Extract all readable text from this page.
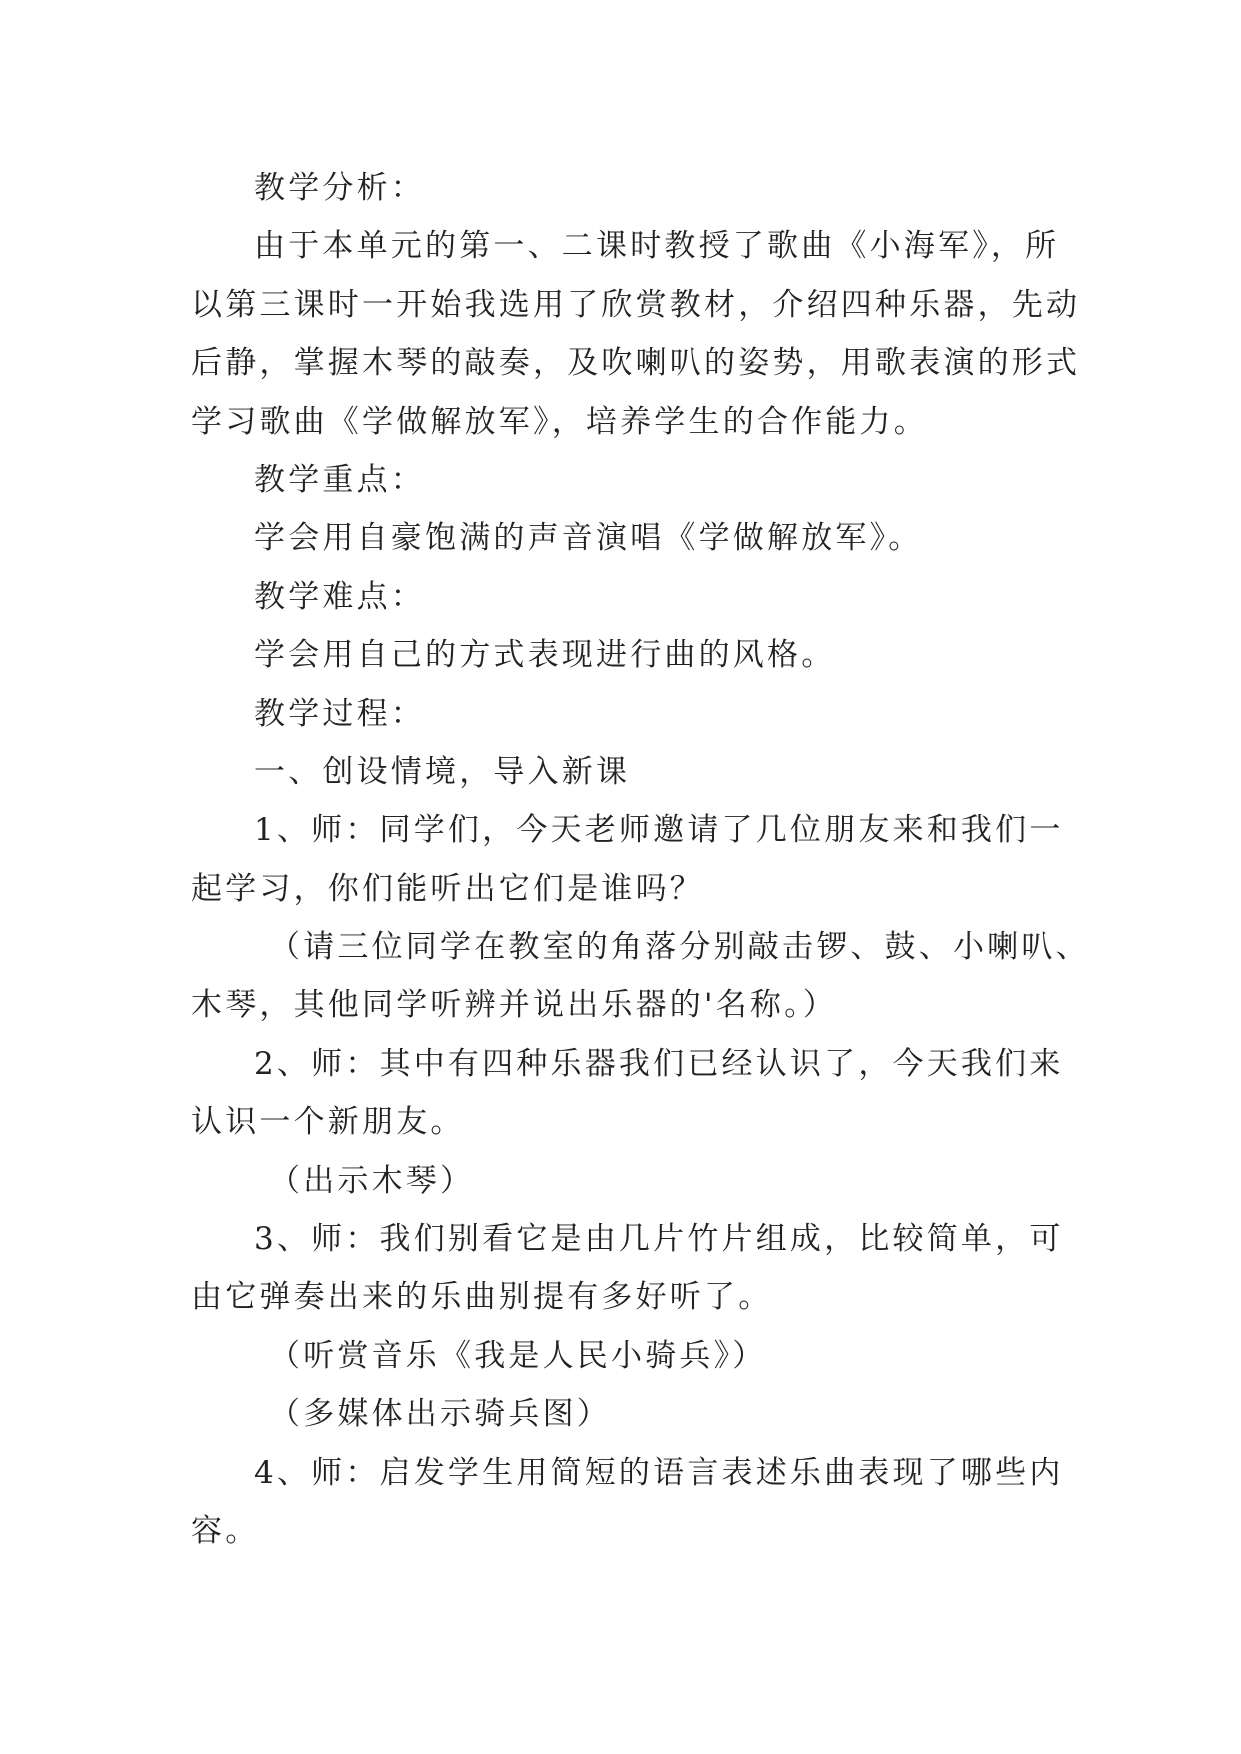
教学分析：
由于本单元的第一、二课时教授了歌曲《小海军》，所
以第三课时一开始我选用了欣赏教材，介绍四种乐器，先动
后静，掌握木琴的敲奏，及吹喇叭的姿势，用歌表演的形式
学习歌曲《学做解放军》，培养学生的合作能力。
教学重点：
学会用自豪饱满的声音演唱《学做解放军》。
教学难点：
学会用自己的方式表现进行曲的风格。
教学过程：
一、创设情境，导入新课
1、师：同学们，今天老师邀请了几位朋友来和我们一
起学习，你们能听出它们是谁吗？
（请三位同学在教室的角落分别敲击锣、鼓、小喇叭、
木琴，其他同学听辨并说出乐器的'名称。）
2、师：其中有四种乐器我们已经认识了，今天我们来
认识一个新朋友。
（出示木琴）
3、师：我们别看它是由几片竹片组成，比较简单，可
由它弹奏出来的乐曲别提有多好听了。
（听赏音乐《我是人民小骑兵》）
（多媒体出示骑兵图）
4、师：启发学生用简短的语言表述乐曲表现了哪些内
容。
